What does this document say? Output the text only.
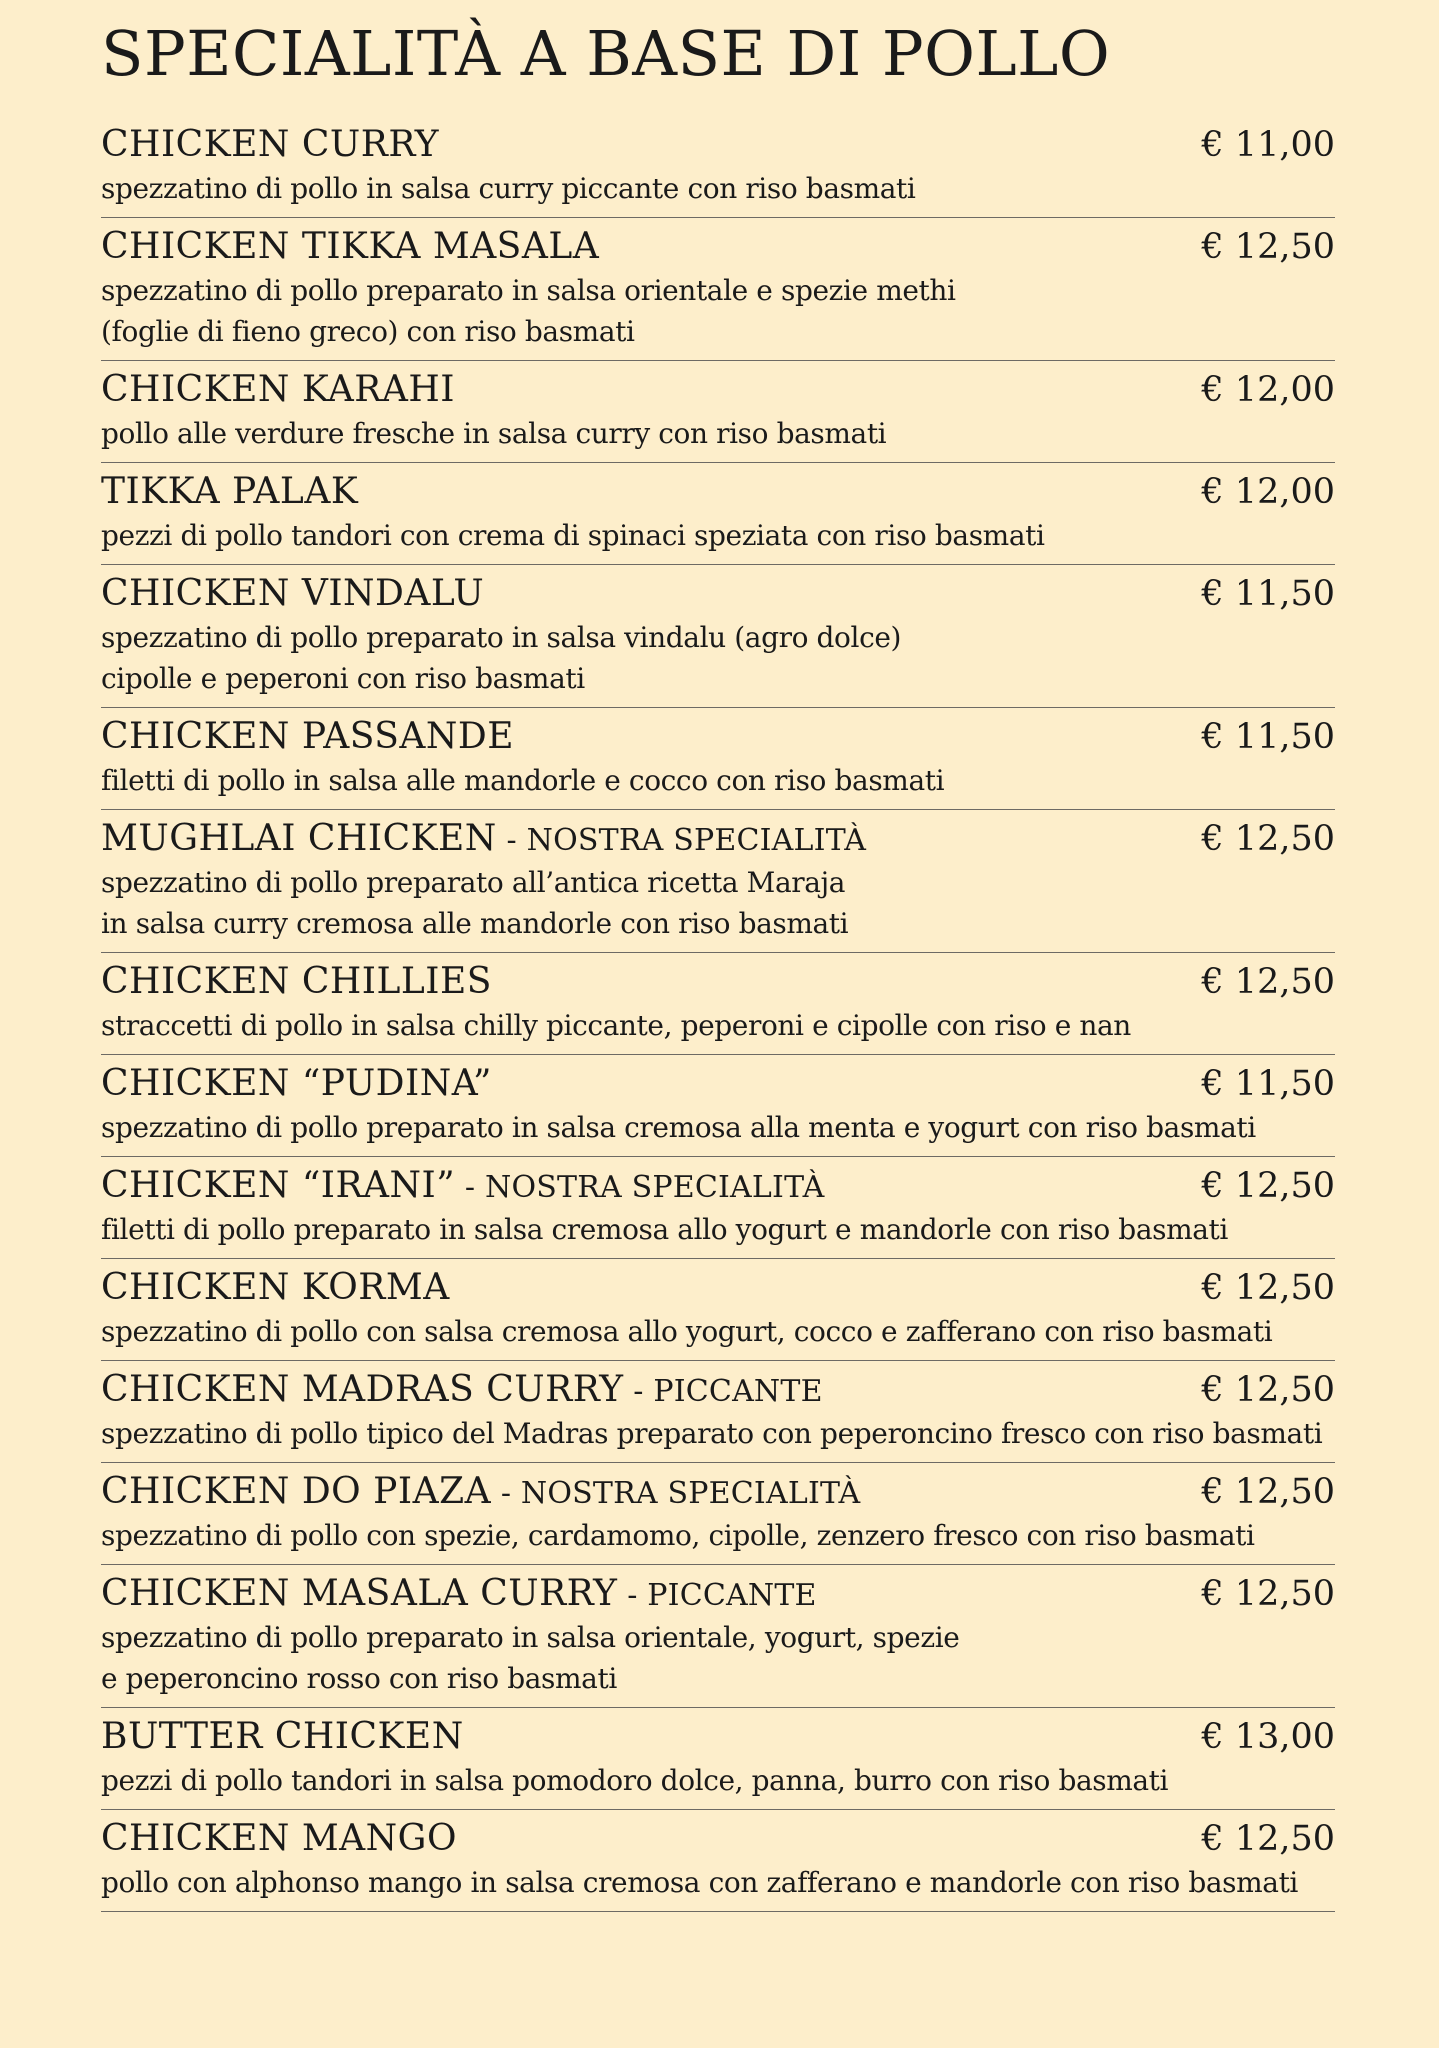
SPECIALITÀ A BASE DI POLLO
CHICKEN CURRY	€ 11,00
spezzatino di pollo in salsa curry piccante con riso basmati
CHICKEN TIKKA MASALA	€ 12,50
spezzatino di pollo preparato in salsa orientale e spezie methi
(foglie di fieno greco) con riso basmati
CHICKEN KARAHI	€ 12,00
pollo alle verdure fresche in salsa curry con riso basmati
TIKKA PALAK	€ 12,00
pezzi di pollo tandori con crema di spinaci speziata con riso basmati
CHICKEN VINDALU	€ 11,50
spezzatino di pollo preparato in salsa vindalu (agro dolce)
cipolle e peperoni con riso basmati
CHICKEN PASSANDE	€ 11,50
filetti di pollo in salsa alle mandorle e cocco con riso basmati
MUGHLAI CHICKEN - NOSTRA SPECIALITÀ	€ 12,50
spezzatino di pollo preparato all’antica ricetta Maraja
in salsa curry cremosa alle mandorle con riso basmati
CHICKEN CHILLIES	€ 12,50
straccetti di pollo in salsa chilly piccante, peperoni e cipolle con riso e nan
CHICKEN “PUDINA”	€ 11,50
spezzatino di pollo preparato in salsa cremosa alla menta e yogurt con riso basmati
CHICKEN “IRANI” - NOSTRA SPECIALITÀ	€ 12,50
filetti di pollo preparato in salsa cremosa allo yogurt e mandorle con riso basmati
CHICKEN KORMA	€ 12,50
spezzatino di pollo con salsa cremosa allo yogurt, cocco e zafferano con riso basmati
CHICKEN MADRAS CURRY - PICCANTE	€ 12,50
spezzatino di pollo tipico del Madras preparato con peperoncino fresco con riso basmati
CHICKEN DO PIAZA - NOSTRA SPECIALITÀ	€ 12,50
spezzatino di pollo con spezie, cardamomo, cipolle, zenzero fresco con riso basmati
CHICKEN MASALA CURRY - PICCANTE	€ 12,50
spezzatino di pollo preparato in salsa orientale, yogurt, spezie
e peperoncino rosso con riso basmati
BUTTER CHICKEN	€ 13,00
pezzi di pollo tandori in salsa pomodoro dolce, panna, burro con riso basmati
CHICKEN MANGO	€ 12,50
pollo con alphonso mango in salsa cremosa con zafferano e mandorle con riso basmati
